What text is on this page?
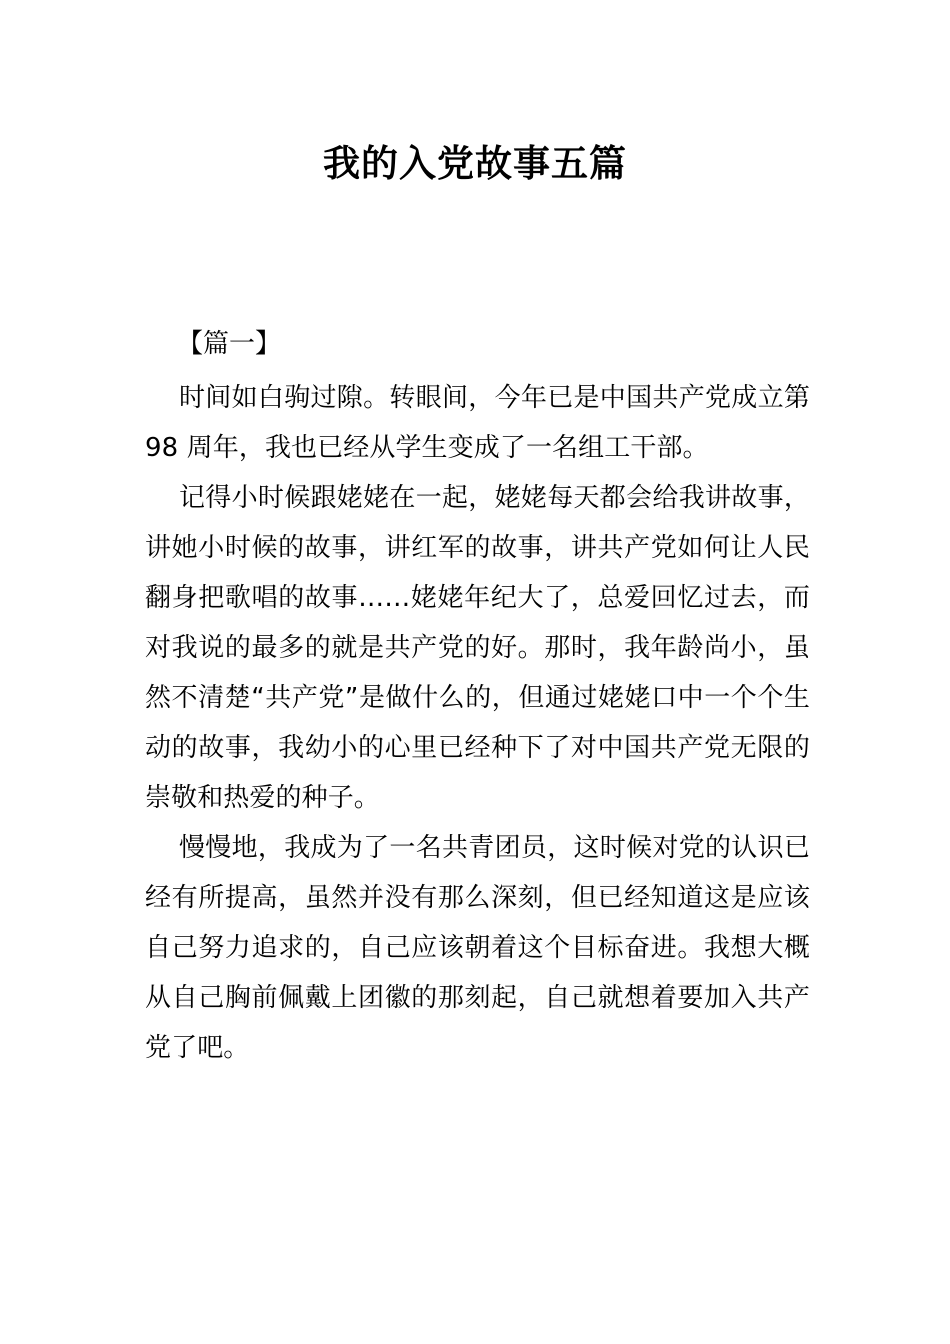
我的入党故事五篇
【篇一】

时间如白驹过隙。转眼间，今年已是中国共产党成立第 98 周年，我也已经从学生变成了一名组工干部。

记得小时候跟姥姥在一起，姥姥每天都会给我讲故事，讲她小时候的故事，讲红军的故事，讲共产党如何让人民翻身把歌唱的故事……姥姥年纪大了，总爱回忆过去，而对我说的最多的就是共产党的好。那时，我年龄尚小，虽然不清楚“共产党”是做什么的，但通过姥姥口中一个个生动的故事，我幼小的心里已经种下了对中国共产党无限的崇敬和热爱的种子。

慢慢地，我成为了一名共青团员，这时候对党的认识已经有所提高，虽然并没有那么深刻，但已经知道这是应该自己努力追求的，自己应该朝着这个目标奋进。我想大概从自己胸前佩戴上团徽的那刻起，自己就想着要加入共产党了吧。
